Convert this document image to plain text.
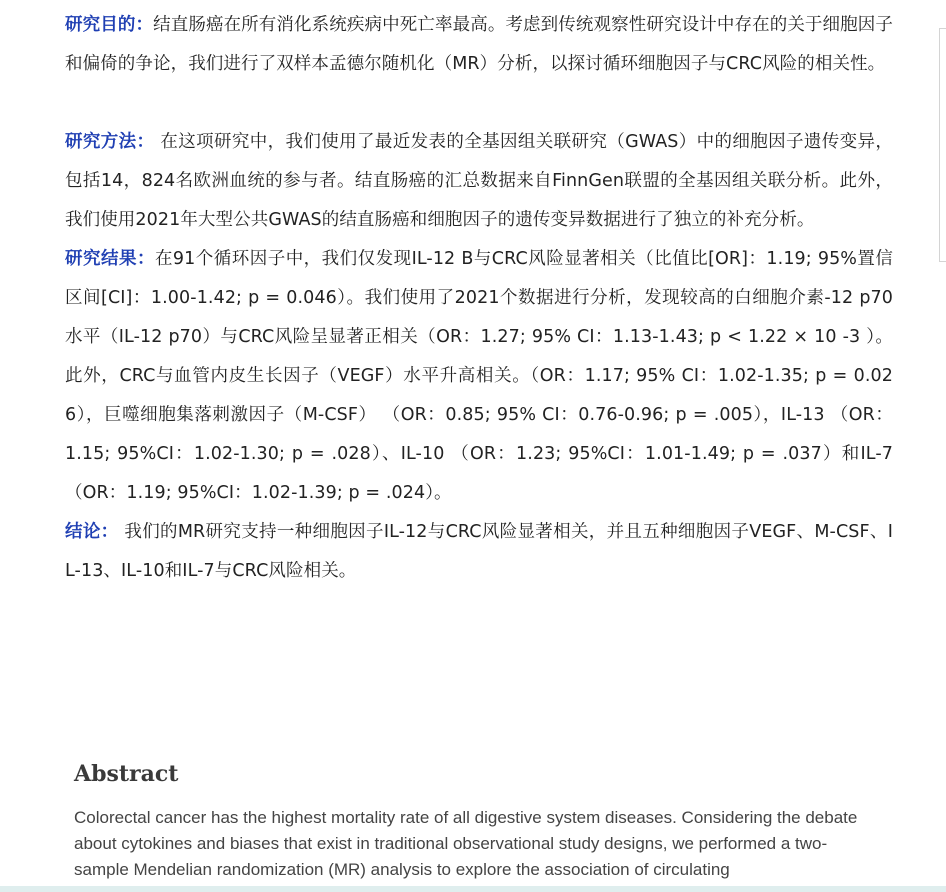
研究目的：结直肠癌在所有消化系统疾病中死亡率最高。考虑到传统观察性研究设计中存在的关于细胞因子和偏倚的争论，我们进行了双样本孟德尔随机化（MR）分析，以探讨循环细胞因子与CRC风险的相关性。

研究方法： 在这项研究中，我们使用了最近发表的全基因组关联研究（GWAS）中的细胞因子遗传变异，包括14，824名欧洲血统的参与者。结直肠癌的汇总数据来自FinnGen联盟的全基因组关联分析。此外，我们使用2021年大型公共GWAS的结直肠癌和细胞因子的遗传变异数据进行了独立的补充分析。

研究结果：在91个循环因子中，我们仅发现IL-12 B与CRC风险显著相关（比值比[OR]：1.19; 95%置信区间[CI]：1.00-1.42; p = 0.046）。我们使用了2021个数据进行分析，发现较高的白细胞介素-12 p70水平（IL-12 p70）与CRC风险呈显著正相关（OR：1.27; 95% CI：1.13-1.43; p < 1.22 × 10 -3 ）。此外，CRC与血管内皮生长因子（VEGF）水平升高相关。（OR：1.17; 95% CI：1.02-1.35; p = 0.026），巨噬细胞集落刺激因子（M-CSF） （OR：0.85; 95% CI：0.76-0.96; p = .005），IL-13 （OR：1.15; 95%CI：1.02-1.30; p = .028）、IL-10 （OR：1.23; 95%CI：1.01-1.49; p = .037）和IL-7（OR：1.19; 95%CI：1.02-1.39; p = .024）。

结论： 我们的MR研究支持一种细胞因子IL-12与CRC风险显著相关，并且五种细胞因子VEGF、M-CSF、IL-13、IL-10和IL-7与CRC风险相关。

Abstract

Colorectal cancer has the highest mortality rate of all digestive system diseases. Considering the debate about cytokines and biases that exist in traditional observational study designs, we performed a two-sample Mendelian randomization (MR) analysis to explore the association of circulating
